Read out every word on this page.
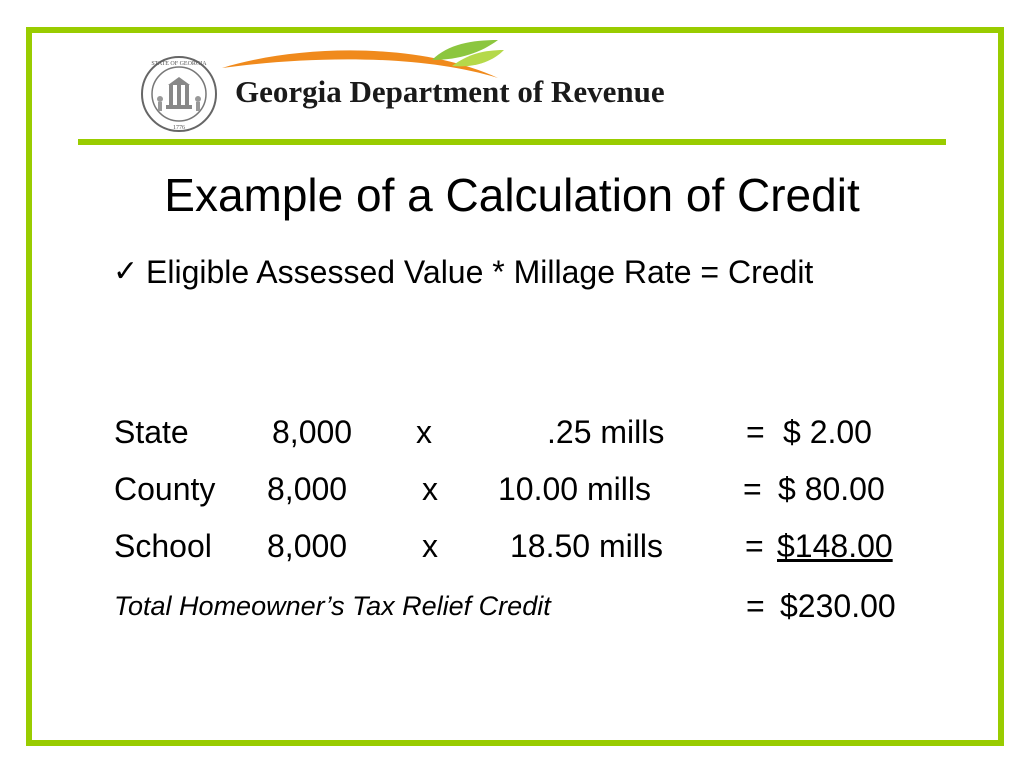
STATE OF GEORGIA
1776
Georgia Department of Revenue
Example of a Calculation of Credit
✓ Eligible Assessed Value * Millage Rate = Credit
State	8,000 x	.25 mills	= $ 2.00
County 8,000 x 10.00 mills	= $ 80.00
School 8,000 x 18.50 mills	= $148.00
Total Homeowner’s Tax Relief Credit	= $230.00
